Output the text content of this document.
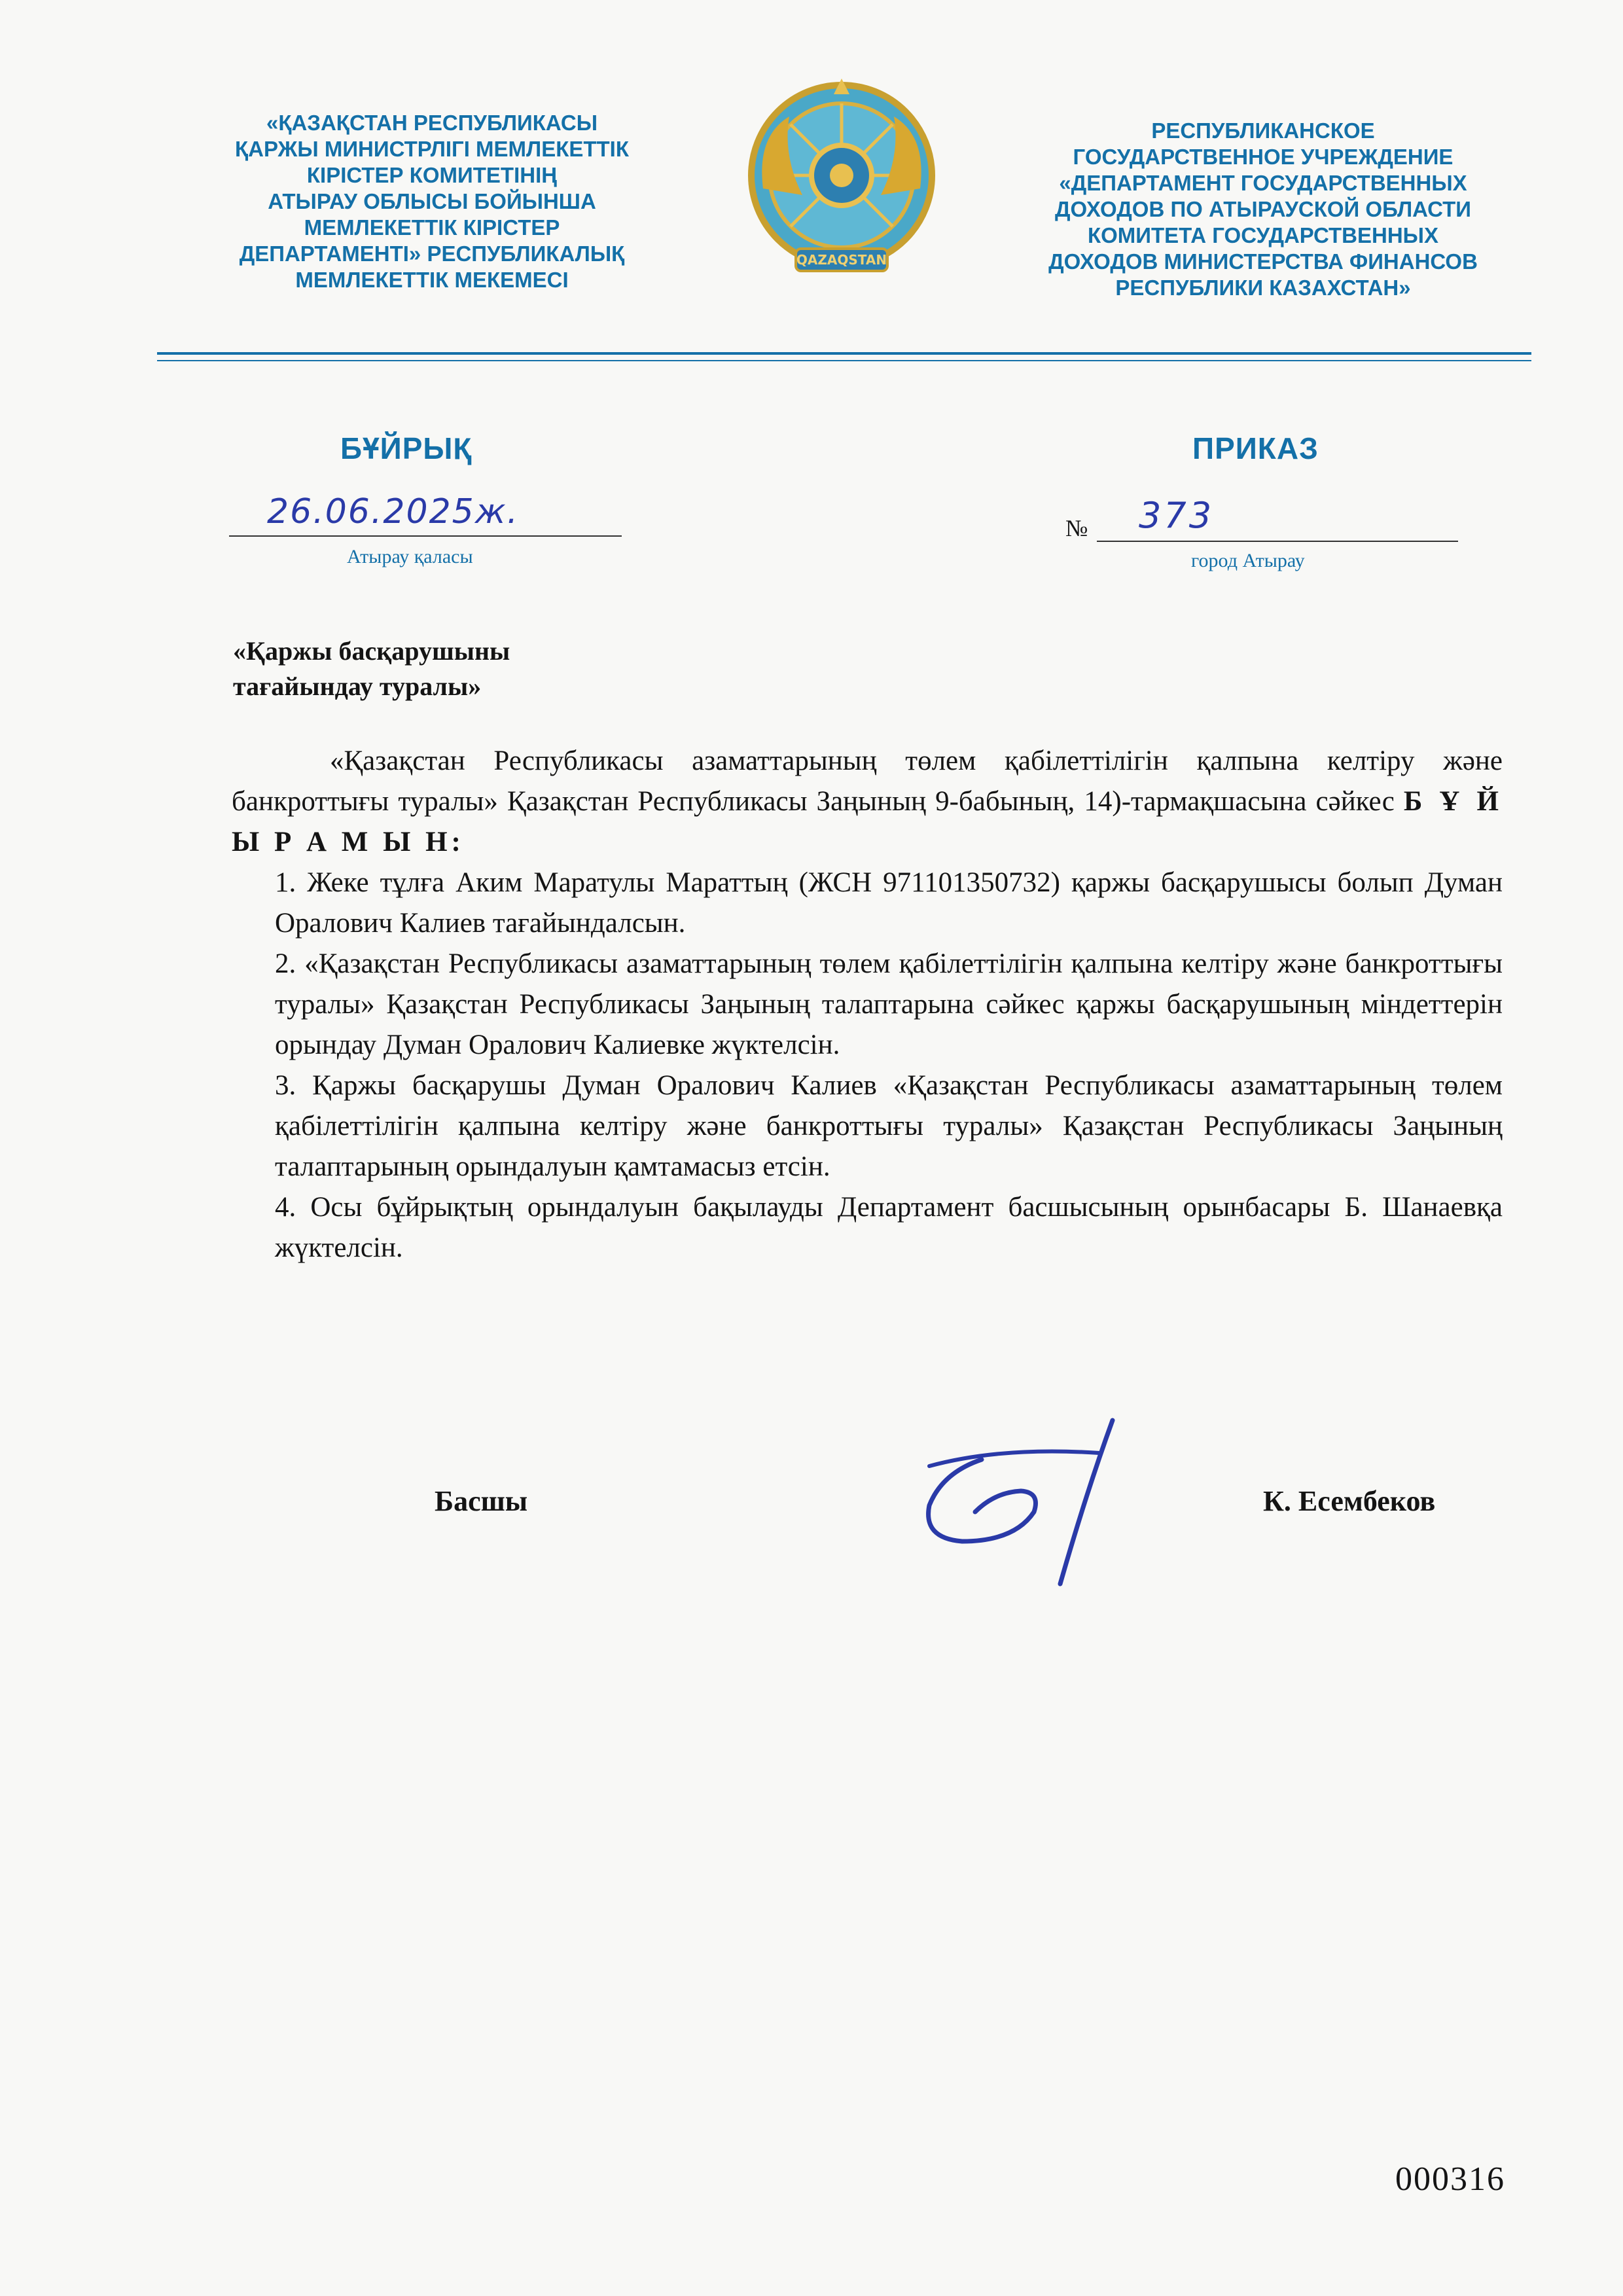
«ҚАЗАҚСТАН РЕСПУБЛИКАСЫ
ҚАРЖЫ МИНИСТРЛІГІ МЕМЛЕКЕТТІК
КІРІСТЕР КОМИТЕТІНІҢ
АТЫРАУ ОБЛЫСЫ БОЙЫНША
МЕМЛЕКЕТТІК КІРІСТЕР
ДЕПАРТАМЕНТІ» РЕСПУБЛИКАЛЫҚ
МЕМЛЕКЕТТІК МЕКЕМЕСІ
QAZAQSTAN
РЕСПУБЛИКАНСКОЕ
ГОСУДАРСТВЕННОЕ УЧРЕЖДЕНИЕ
«ДЕПАРТАМЕНТ ГОСУДАРСТВЕННЫХ
ДОХОДОВ ПО АТЫРАУСКОЙ ОБЛАСТИ
КОМИТЕТА ГОСУДАРСТВЕННЫХ
ДОХОДОВ МИНИСТЕРСТВА ФИНАНСОВ
РЕСПУБЛИКИ КАЗАХСТАН»
БҰЙРЫҚ	ПРИКАЗ
26.06.2025ж.
Атырау қаласы
№ 373
город Атырау
«Қаржы басқарушыны
тағайындау туралы»

«Қазақстан Республикасы азаматтарының төлем қабілеттілігін қалпына келтіру және банкроттығы туралы» Қазақстан Республикасы Заңының 9-бабының, 14)-тармақшасына сәйкес Б Ұ Й Ы Р А М Ы Н:

1. Жеке тұлға Аким Маратулы Мараттың (ЖСН 971101350732) қаржы басқарушысы болып Думан Оралович Калиев тағайындалсын.

2. «Қазақстан Республикасы азаматтарының төлем қабілеттілігін қалпына келтіру және банкроттығы туралы» Қазақстан Республикасы Заңының талаптарына сәйкес қаржы басқарушының міндеттерін орындау Думан Оралович Калиевке жүктелсін.

3. Қаржы басқарушы Думан Оралович Калиев «Қазақстан Республикасы азаматтарының төлем қабілеттілігін қалпына келтіру және банкроттығы туралы» Қазақстан Республикасы Заңының талаптарының орындалуын қамтамасыз етсін.

4. Осы бұйрықтың орындалуын бақылауды Департамент басшысының орынбасары Б. Шанаевқа жүктелсін.

Басшы	К. Есембеков
000316
